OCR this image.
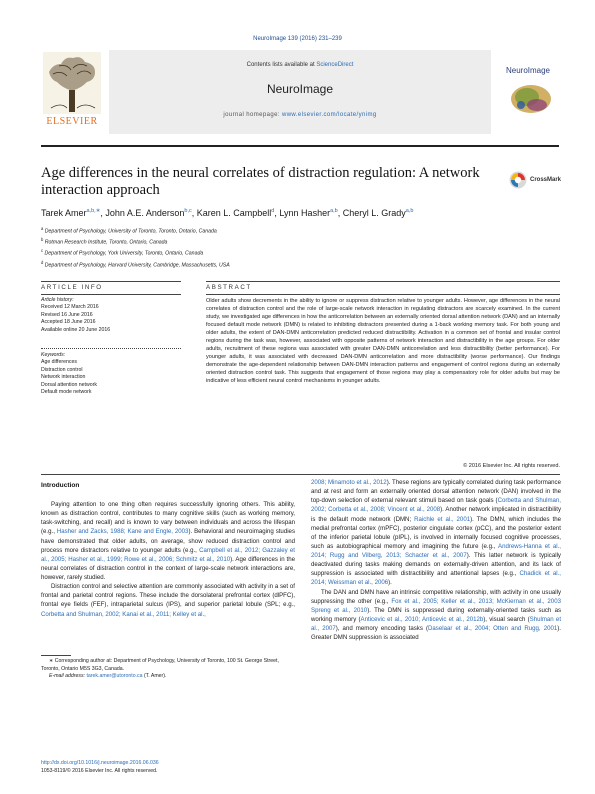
NeuroImage 139 (2016) 231–239
ELSEVIER
Contents lists available at ScienceDirect
NeuroImage
journal homepage: www.elsevier.com/locate/ynimg
NeuroImage
Age differences in the neural correlates of distraction regulation: A network interaction approach
CrossMark
Tarek Amer$^{a,b,∗}$, John A.E. Anderson$^{b,c}$, Karen L. Campbell$^d$, Lynn Hasher$^{a,b}$, Cheryl L. Grady$^{a,b}$
$^a$ Department of Psychology, University of Toronto, Toronto, Ontario, Canada
$^b$ Rotman Research Institute, Toronto, Ontario, Canada
$^c$ Department of Psychology, York University, Toronto, Ontario, Canada
$^d$ Department of Psychology, Harvard University, Cambridge, Massachusetts, USA
ARTICLE INFO
Article history:
Received 12 March 2016
Revised 16 June 2016
Accepted 18 June 2016
Available online 20 June 2016
Keywords:
Age differences
Distraction control
Network interaction
Dorsal attention network
Default mode network
ABSTRACT
Older adults show decrements in the ability to ignore or suppress distraction relative to younger adults. However, age differences in the neural correlates of distraction control and the role of large-scale network interaction in regulating distractors are scarcely examined. In the current study, we investigated age differences in how the anticorrelation between an externally oriented dorsal attention network (DAN) and an internally focused default mode network (DMN) is related to inhibiting distractors presented during a 1-back working memory task. For both young and older adults, the extent of DAN-DMN anticorrelation predicted reduced distractibility. Activation in a common set of frontal and insular control regions during the task was, however, associated with opposite patterns of network interaction and distractibility in the age groups. For older adults, recruitment of these regions was associated with greater DAN-DMN anticorrelation and less distractibility (better performance). For younger adults, it was associated with decreased DAN-DMN anticorrelation and more distractibility (worse performance). Our findings demonstrate the age-dependent relationship between DAN-DMN interaction patterns and engagement of control regions during an externally oriented distraction control task. This suggests that engagement of those regions may play a compensatory role for older adults but may be indicative of less efficient neural control mechanisms in younger adults.
© 2016 Elsevier Inc. All rights reserved.
Introduction

Paying attention to one thing often requires successfully ignoring others. This ability, known as distraction control, contributes to many cognitive skills (such as working memory, task-switching, and recall) and is known to vary between individuals and across the lifespan (e.g., Hasher and Zacks, 1988; Kane and Engle, 2003). Behavioral and neuroimaging studies have demonstrated that older adults, on average, show reduced distraction control and process more distractors relative to younger adults (e.g., Campbell et al., 2012; Gazzaley et al., 2005; Hasher et al., 1999; Rowe et al., 2006; Schmitz et al., 2010). Age differences in the neural correlates of distraction control in the context of large-scale network interactions are, however, rarely studied.

Distraction control and selective attention are commonly associated with activity in a set of frontal and parietal control regions. These include the dorsolateral prefrontal cortex (dlPFC), frontal eye fields (FEF), intraparietal sulcus (IPS), and superior parietal lobule (SPL; e.g., Corbetta and Shulman, 2002; Kanai et al., 2011; Kelley et al.,

2008; Minamoto et al., 2012). These regions are typically correlated during task performance and at rest and form an externally oriented dorsal attention network (DAN) involved in the top-down selection of external relevant stimuli based on task goals (Corbetta and Shulman, 2002; Corbetta et al., 2008; Vincent et al., 2008). Another network implicated in distractibility is the default mode network (DMN; Raichle et al., 2001). The DMN, which includes the medial prefrontal cortex (mPFC), posterior cingulate cortex (pCC), and the posterior extent of the inferior parietal lobule (pIPL), is involved in internally focused cognitive processes, such as autobiographical memory and imagining the future (e.g., Andrews-Hanna et al., 2014; Rugg and Vilberg, 2013; Schacter et al., 2007). This latter network is typically deactivated during tasks making demands on externally-driven attention, and its lack of suppression is associated with distractibility and attentional lapses (e.g., Chadick et al., 2014; Weissman et al., 2006).

The DAN and DMN have an intrinsic competitive relationship, with activity in one usually suppressing the other (e.g., Fox et al., 2005; Keller et al., 2013; McKiernan et al., 2003 Spreng et al., 2010). The DMN is suppressed during externally-oriented tasks such as working memory (Anticevic et al., 2010; Anticevic et al., 2012b), visual search (Shulman et al., 2007), and memory encoding tasks (Daselaar et al., 2004; Otten and Rugg, 2001). Greater DMN suppression is associated

∗ Corresponding author at: Department of Psychology, University of Toronto, 100 St. George Street, Toronto, Ontario M5S 3G3, Canada.
E-mail address: tarek.amer@utoronto.ca (T. Amer).
http://dx.doi.org/10.1016/j.neuroimage.2016.06.036
1053-8119/© 2016 Elsevier Inc. All rights reserved.
